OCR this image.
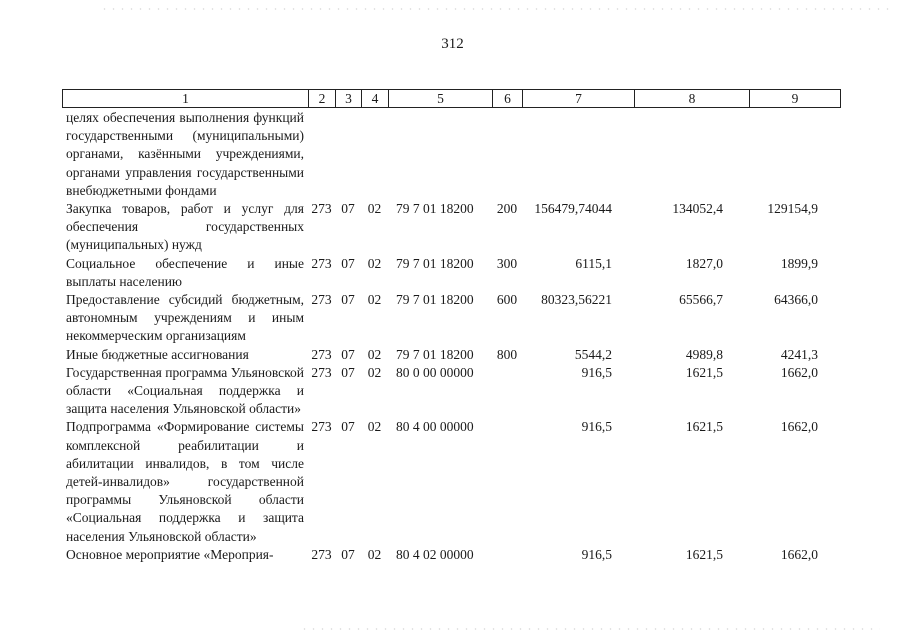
312
1	2	3	4	5	6	7	8	9
целях обеспечения выполнения функций государственными (муниципальными) органами, казёнными учреждениями, органами управления государственными внебюджетными фондами								
Закупка товаров, работ и услуг для обеспечения государственных (муниципальных) нужд	273	07	02	79 7 01 18200	200	156479,74044	134052,4	129154,9
Социальное обеспечение и иные выплаты населению	273	07	02	79 7 01 18200	300	6115,1	1827,0	1899,9
Предоставление субсидий бюджетным, автономным учреждениям и иным некоммерческим организациям	273	07	02	79 7 01 18200	600	80323,56221	65566,7	64366,0
Иные бюджетные ассигнования	273	07	02	79 7 01 18200	800	5544,2	4989,8	4241,3
Государственная программа Ульяновской области «Социальная поддержка и защита населения Ульяновской области»	273	07	02	80 0 00 00000		916,5	1621,5	1662,0
Подпрограмма «Формирование системы комплексной реабилитации и абилитации инвалидов, в том числе детей-инвалидов» государственной программы Ульяновской области «Социальная поддержка и защита населения Ульяновской области»	273	07	02	80 4 00 00000		916,5	1621,5	1662,0
Основное мероприятие «Мероприя-	273	07	02	80 4 02 00000		916,5	1621,5	1662,0
